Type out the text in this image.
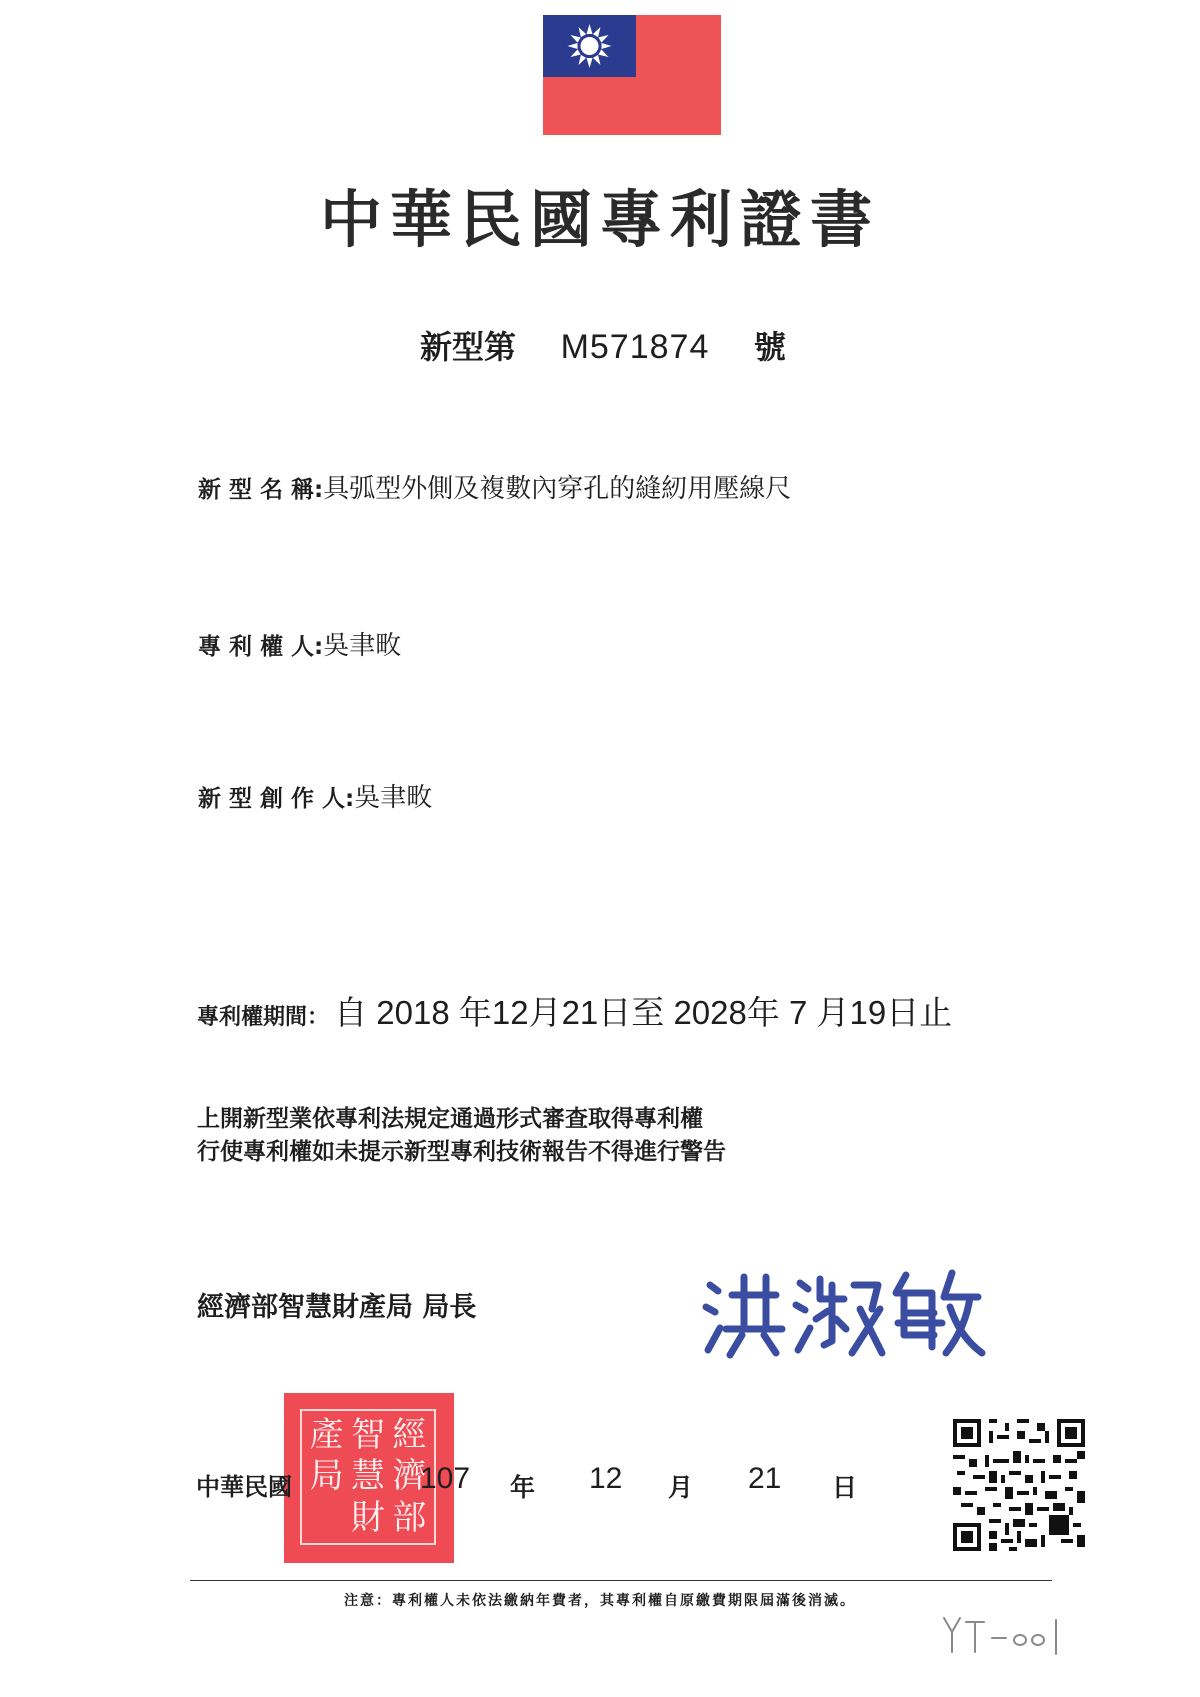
中華民國專利證書
新型第 M571874 號
新 型 名 稱:具弧型外側及複數內穿孔的縫紉用壓線尺
專 利 權 人:吳聿畋
新 型 創 作 人:吳聿畋
專利權期間： 自 2018 年12月21日至 2028年 7 月19日止
上開新型業依專利法規定通過形式審查取得專利權
行使專利權如未提示新型專利技術報告不得進行警告
經濟部智慧財產局 局長
產 智 經
局 慧 濟
財 部
中華民國	107 年 12 月 21 日
注意：專利權人未依法繳納年費者，其專利權自原繳費期限屆滿後消滅。
